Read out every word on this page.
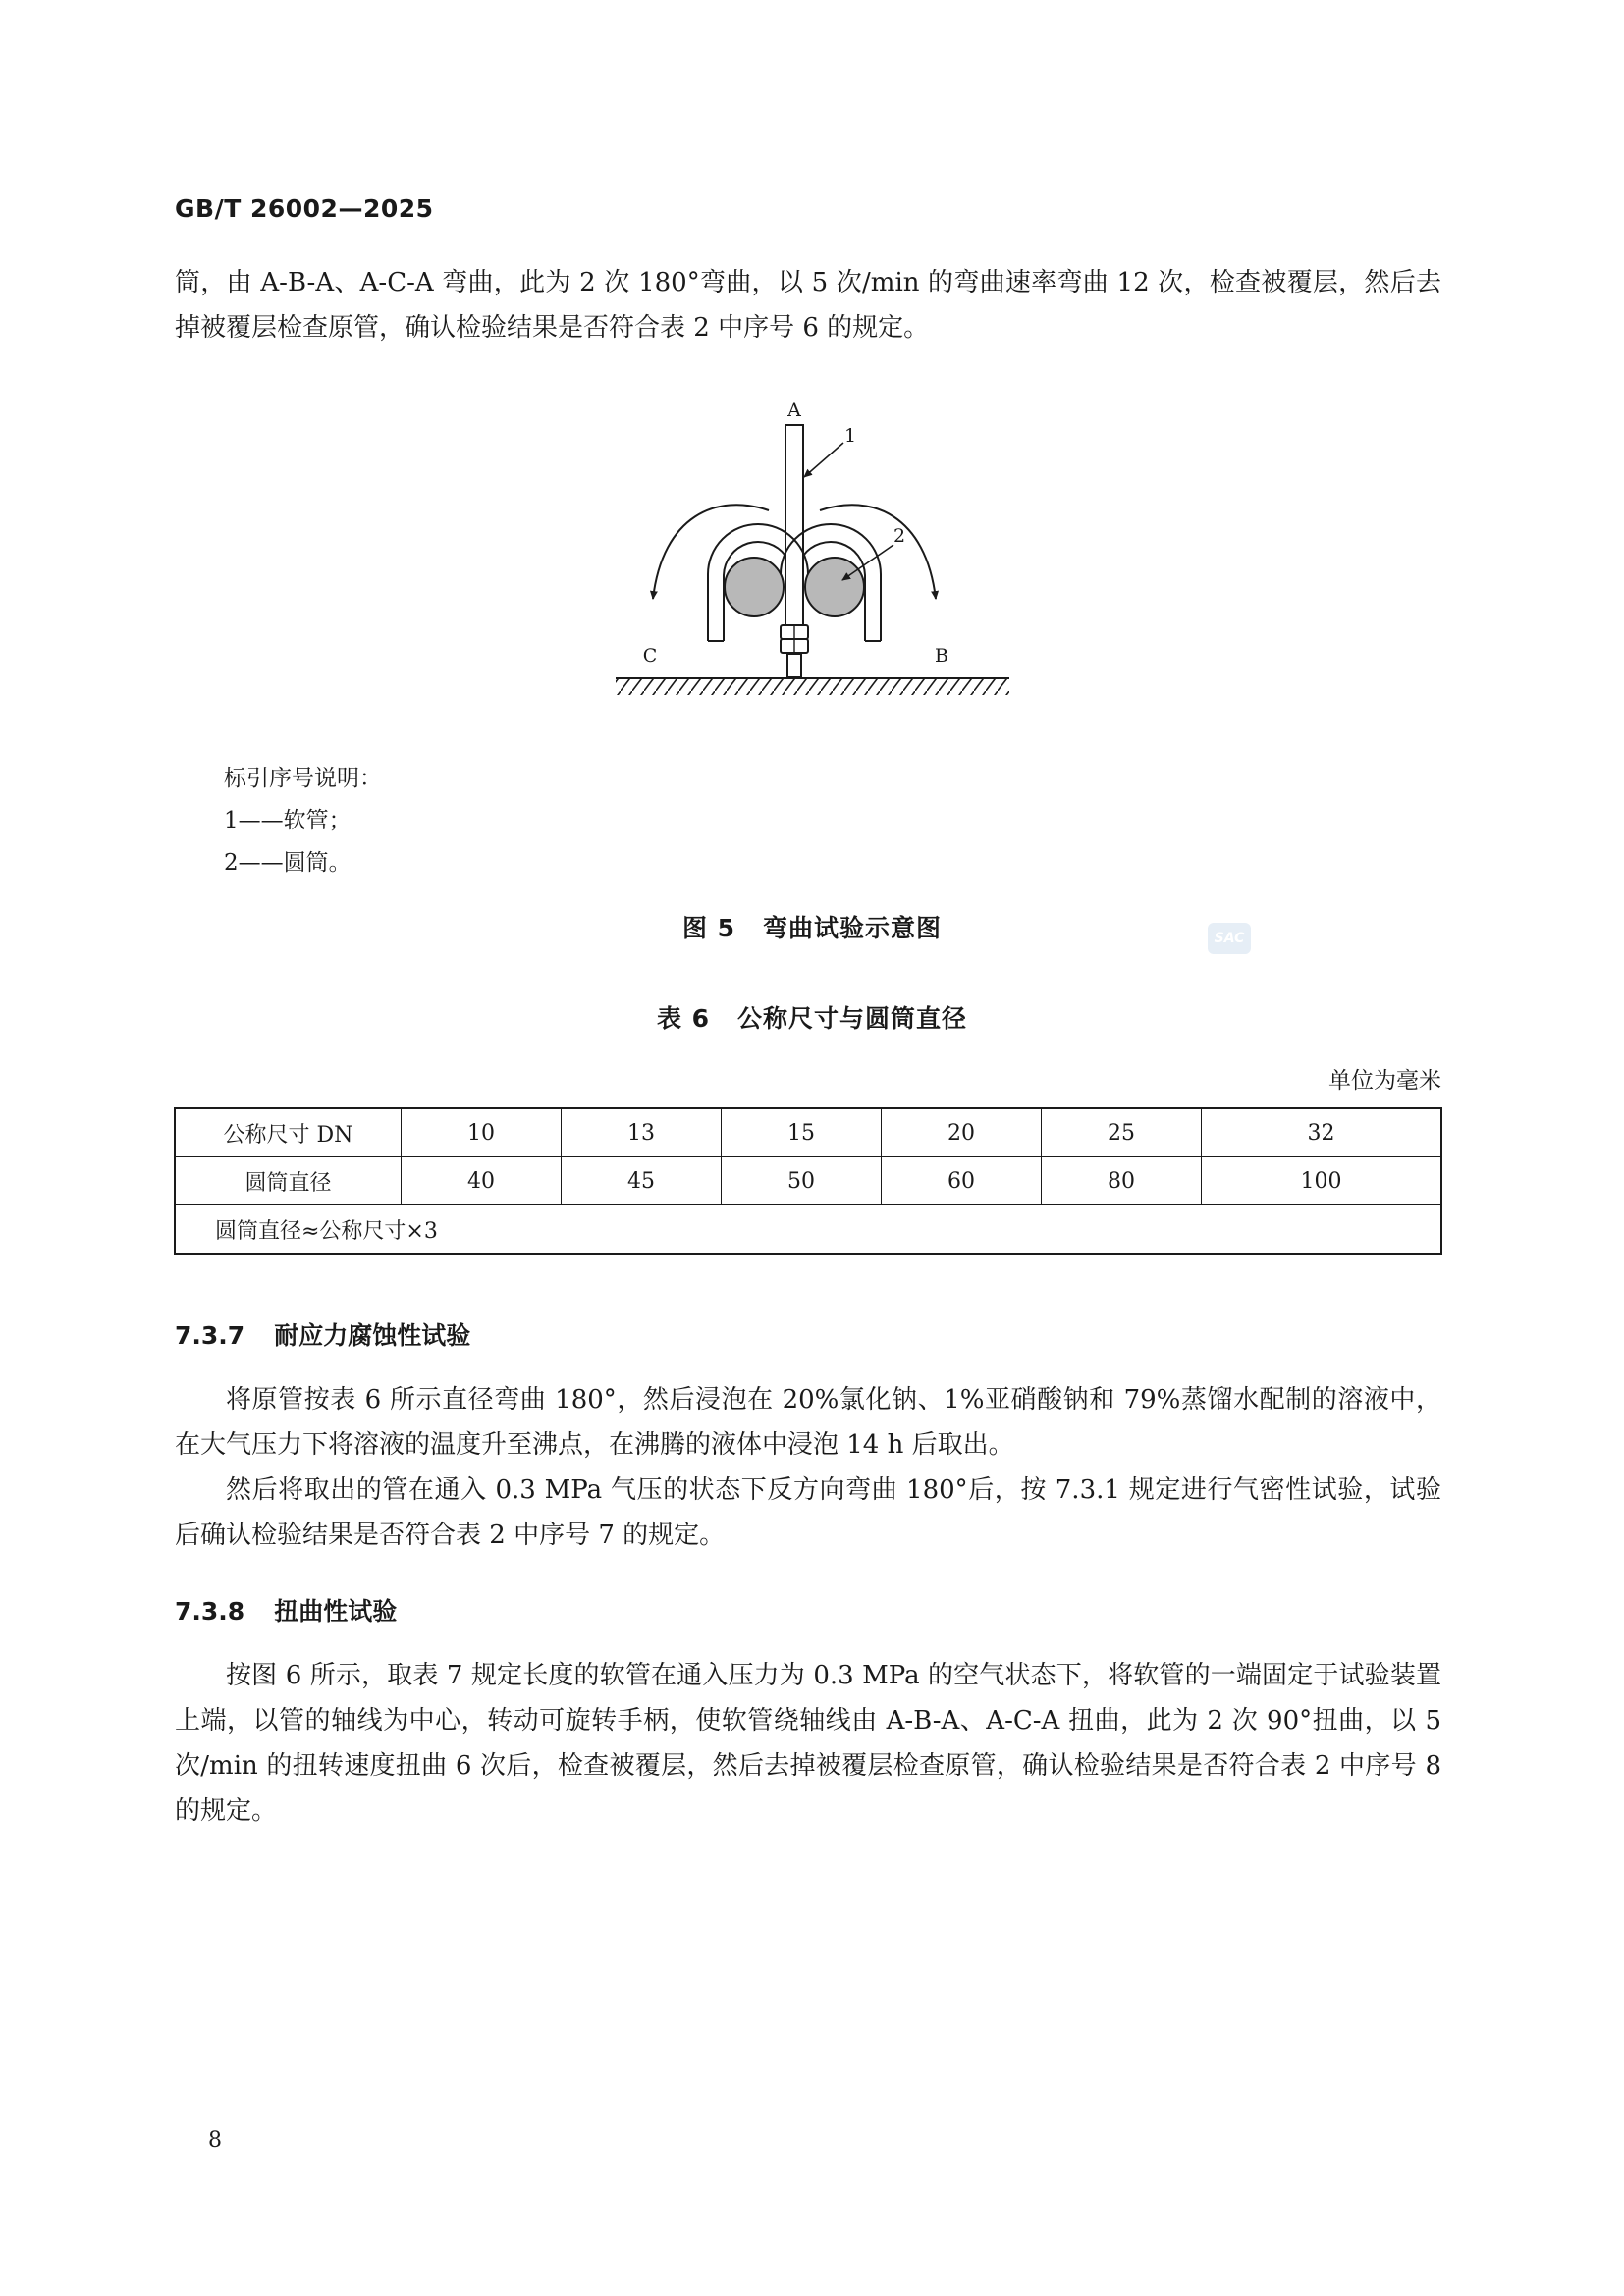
GB/T 26002—2025

筒，由 A-B-A、A-C-A 弯曲，此为 2 次 180°弯曲，以 5 次/min 的弯曲速率弯曲 12 次，检查被覆层，然后去掉被覆层检查原管，确认检验结果是否符合表 2 中序号 6 的规定。

A
C	B
1
2
标引序号说明：
1——软管；
2——圆筒。
图 5 弯曲试验示意图	SAC
表 6 公称尺寸与圆筒直径
单位为毫米
公称尺寸 DN	10	13	15	20	25	32
圆筒直径	40	45	50	60	80	100
圆筒直径≈公称尺寸×3						
7.3.7 耐应力腐蚀性试验

将原管按表 6 所示直径弯曲 180°，然后浸泡在 20%氯化钠、1%亚硝酸钠和 79%蒸馏水配制的溶液中，在大气压力下将溶液的温度升至沸点，在沸腾的液体中浸泡 14 h 后取出。

然后将取出的管在通入 0.3 MPa 气压的状态下反方向弯曲 180°后，按 7.3.1 规定进行气密性试验，试验后确认检验结果是否符合表 2 中序号 7 的规定。

7.3.8 扭曲性试验

按图 6 所示，取表 7 规定长度的软管在通入压力为 0.3 MPa 的空气状态下，将软管的一端固定于试验装置上端，以管的轴线为中心，转动可旋转手柄，使软管绕轴线由 A-B-A、A-C-A 扭曲，此为 2 次 90°扭曲，以 5 次/min 的扭转速度扭曲 6 次后，检查被覆层，然后去掉被覆层检查原管，确认检验结果是否符合表 2 中序号 8 的规定。

8
